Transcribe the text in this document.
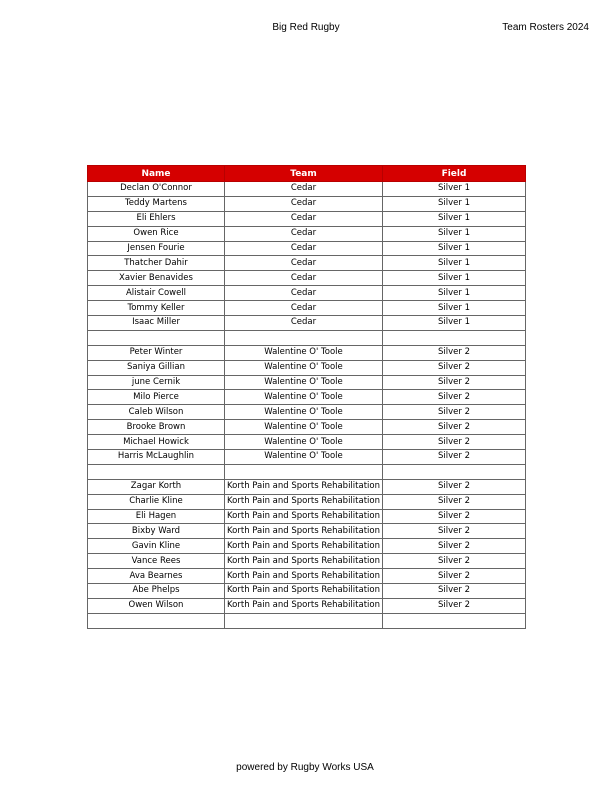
Big Red Rugby	Team Rosters 2024
Name	Team	Field
Declan O'Connor	Cedar	Silver 1
Teddy Martens	Cedar	Silver 1
Eli Ehlers	Cedar	Silver 1
Owen Rice	Cedar	Silver 1
Jensen Fourie	Cedar	Silver 1
Thatcher Dahir	Cedar	Silver 1
Xavier Benavides	Cedar	Silver 1
Alistair Cowell	Cedar	Silver 1
Tommy Keller	Cedar	Silver 1
Isaac Miller	Cedar	Silver 1

Peter Winter	Walentine O' Toole	Silver 2
Saniya Gillian	Walentine O' Toole	Silver 2
june Cernik	Walentine O' Toole	Silver 2
Milo Pierce	Walentine O' Toole	Silver 2
Caleb Wilson	Walentine O' Toole	Silver 2
Brooke Brown	Walentine O' Toole	Silver 2
Michael Howick	Walentine O' Toole	Silver 2
Harris McLaughlin	Walentine O' Toole	Silver 2

Zagar Korth	Korth Pain and Sports Rehabilitation	Silver 2
Charlie Kline	Korth Pain and Sports Rehabilitation	Silver 2
Eli Hagen	Korth Pain and Sports Rehabilitation	Silver 2
Bixby Ward	Korth Pain and Sports Rehabilitation	Silver 2
Gavin Kline	Korth Pain and Sports Rehabilitation	Silver 2
Vance Rees	Korth Pain and Sports Rehabilitation	Silver 2
Ava Bearnes	Korth Pain and Sports Rehabilitation	Silver 2
Abe Phelps	Korth Pain and Sports Rehabilitation	Silver 2
Owen Wilson	Korth Pain and Sports Rehabilitation	Silver 2

powered by Rugby Works USA
